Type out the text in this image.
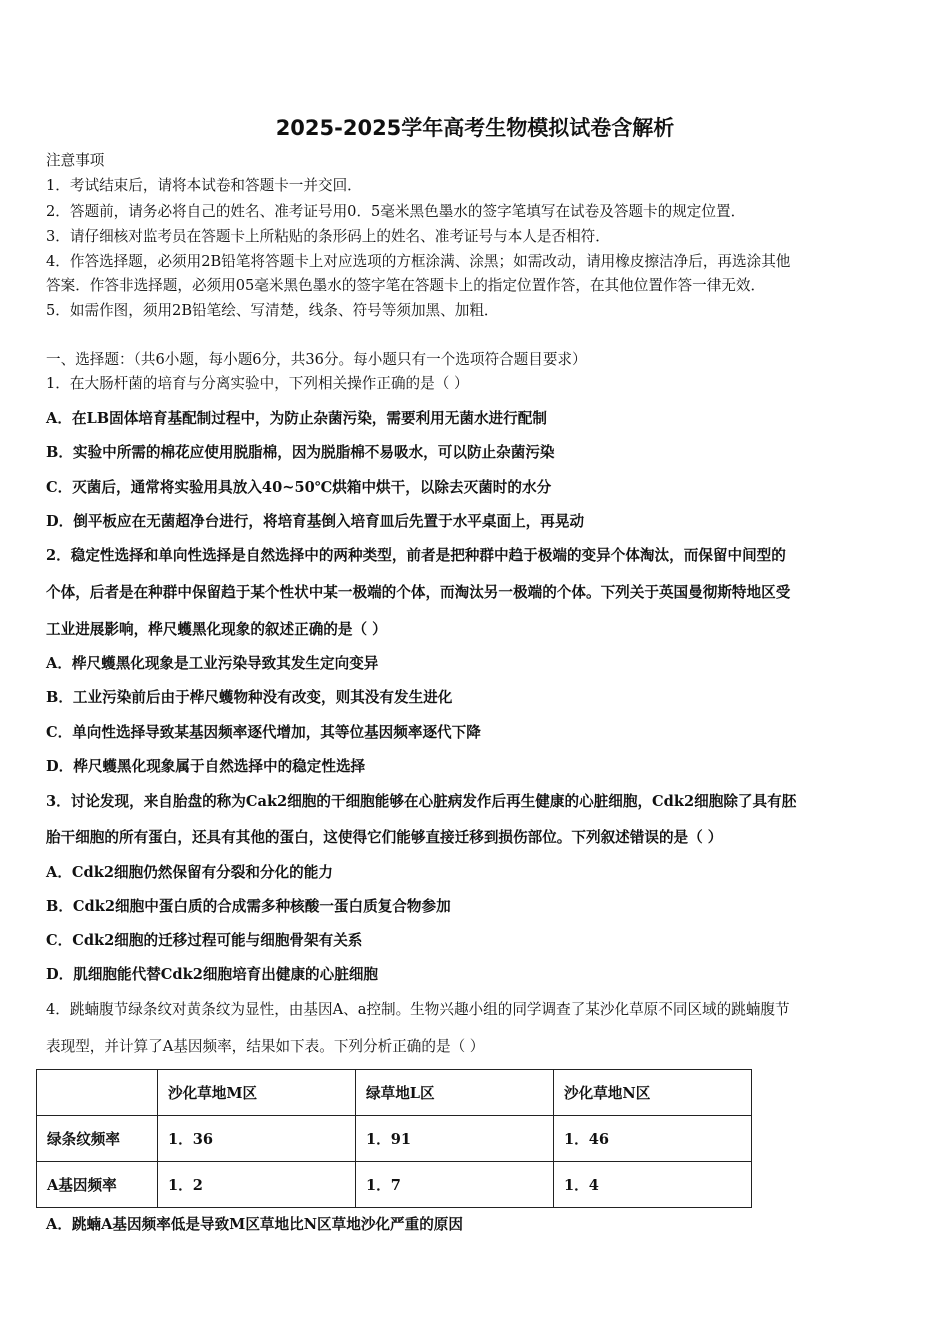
2025-2025学年高考生物模拟试卷含解析
注意事项
1．考试结束后，请将本试卷和答题卡一并交回．
2．答题前，请务必将自己的姓名、准考证号用0．5毫米黑色墨水的签字笔填写在试卷及答题卡的规定位置．
3．请仔细核对监考员在答题卡上所粘贴的条形码上的姓名、准考证号与本人是否相符．
4．作答选择题，必须用2B铅笔将答题卡上对应选项的方框涂满、涂黑；如需改动，请用橡皮擦洁净后，再选涂其他
答案．作答非选择题，必须用05毫米黑色墨水的签字笔在答题卡上的指定位置作答，在其他位置作答一律无效．
5．如需作图，须用2B铅笔绘、写清楚，线条、符号等须加黑、加粗．
一、选择题：（共6小题，每小题6分，共36分。每小题只有一个选项符合题目要求）
1．在大肠杆菌的培育与分离实验中，下列相关操作正确的是（ ）
A．在LB固体培育基配制过程中，为防止杂菌污染，需要利用无菌水进行配制
B．实验中所需的棉花应使用脱脂棉，因为脱脂棉不易吸水，可以防止杂菌污染
C．灭菌后，通常将实验用具放入40~50℃烘箱中烘干，以除去灭菌时的水分
D．倒平板应在无菌超净台进行，将培育基倒入培育皿后先置于水平桌面上，再晃动
2．稳定性选择和单向性选择是自然选择中的两种类型，前者是把种群中趋于极端的变异个体淘汰，而保留中间型的
个体，后者是在种群中保留趋于某个性状中某一极端的个体，而淘汰另一极端的个体。下列关于英国曼彻斯特地区受
工业进展影响，桦尺蠖黑化现象的叙述正确的是（ ）
A．桦尺蠖黑化现象是工业污染导致其发生定向变异
B．工业污染前后由于桦尺蠖物种没有改变，则其没有发生进化
C．单向性选择导致某基因频率逐代增加，其等位基因频率逐代下降
D．桦尺蠖黑化现象属于自然选择中的稳定性选择
3．讨论发现，来自胎盘的称为Cak2细胞的干细胞能够在心脏病发作后再生健康的心脏细胞，Cdk2细胞除了具有胚
胎干细胞的所有蛋白，还具有其他的蛋白，这使得它们能够直接迁移到损伤部位。下列叙述错误的是（ ）
A．Cdk2细胞仍然保留有分裂和分化的能力
B．Cdk2细胞中蛋白质的合成需多种核酸一蛋白质复合物参加
C．Cdk2细胞的迁移过程可能与细胞骨架有关系
D．肌细胞能代替Cdk2细胞培育出健康的心脏细胞
4．跳蝻腹节绿条纹对黄条纹为显性，由基因A、a控制。生物兴趣小组的同学调查了某沙化草原不同区域的跳蝻腹节
表现型，并计算了A基因频率，结果如下表。下列分析正确的是（ ）
	沙化草地M区	绿草地L区	沙化草地N区
绿条纹频率	1．36	1．91	1．46
A基因频率	1．2	1．7	1．4
A．跳蝻A基因频率低是导致M区草地比N区草地沙化严重的原因
